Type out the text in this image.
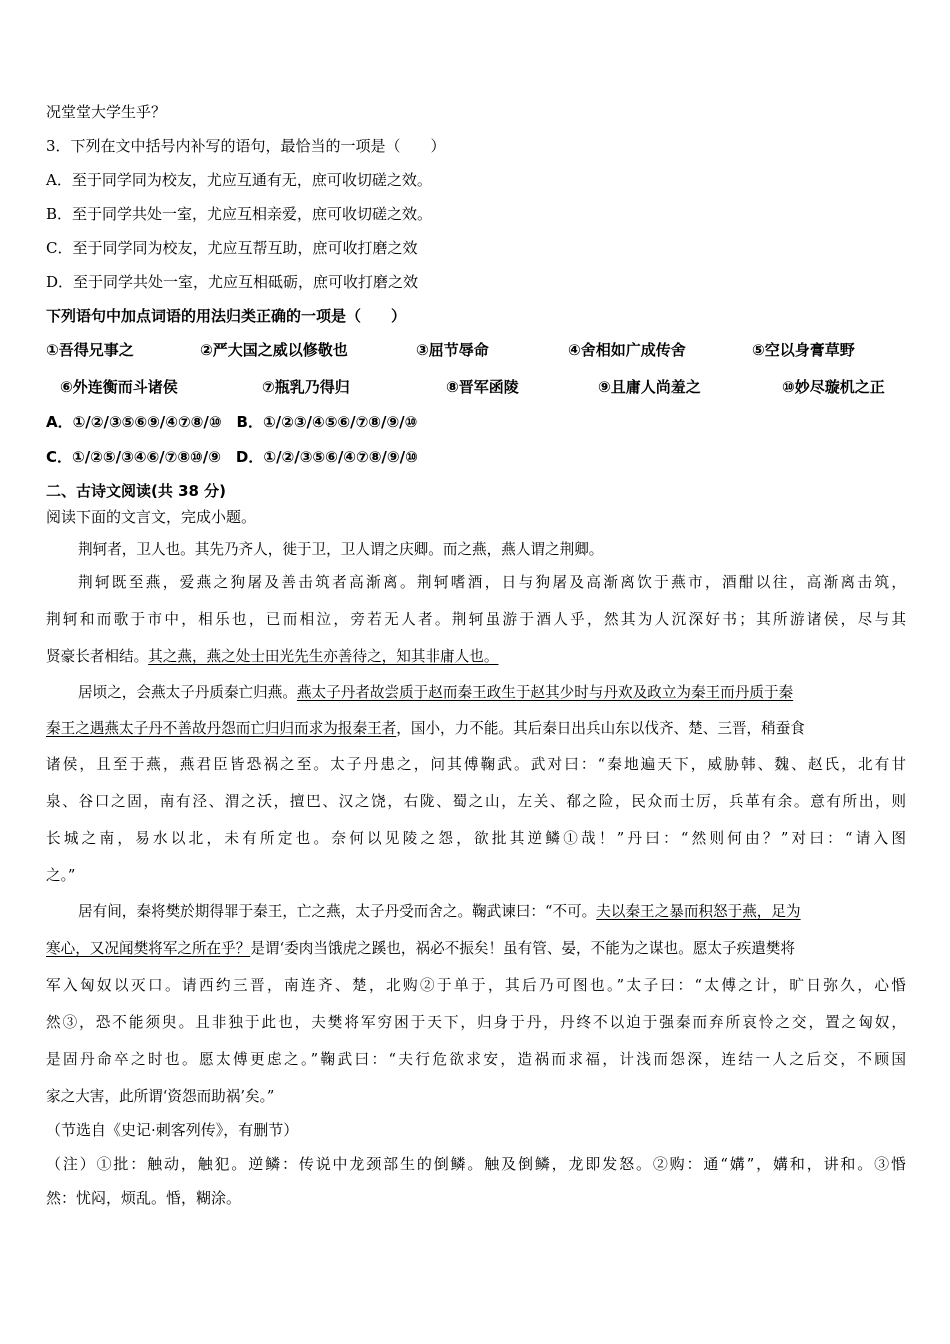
况堂堂大学生乎？
3．下列在文中括号内补写的语句，最恰当的一项是（　　）
A．至于同学同为校友，尤应互通有无，庶可收切磋之效。
B．至于同学共处一室，尤应互相亲爱，庶可收切磋之效。
C．至于同学同为校友，尤应互帮互助，庶可收打磨之效
D．至于同学共处一室，尤应互相砥砺，庶可收打磨之效
下列语句中加点词语的用法归类正确的一项是（　　）
①吾得兄事之	②严大国之威以修敬也	③屈节辱命	④舍相如广成传舍	⑤空以身膏草野
⑥外连衡而斗诸侯	⑦瓶乳乃得归	⑧晋军函陵	⑨且庸人尚羞之	⑩妙尽璇机之正
A．①/②/③⑤⑥⑨/④⑦⑧/⑩　B．①/②③/④⑤⑥/⑦⑧/⑨/⑩
C．①/②⑤/③④⑥/⑦⑧⑩/⑨　D．①/②/③⑤⑥/④⑦⑧/⑨/⑩
二、古诗文阅读(共 38 分)
阅读下面的文言文，完成小题。
荆轲者，卫人也。其先乃齐人，徙于卫，卫人谓之庆卿。而之燕，燕人谓之荆卿。
荆轲既至燕，爱燕之狗屠及善击筑者高渐离。荆轲嗜酒，日与狗屠及高渐离饮于燕市，酒酣以往，高渐离击筑，
荆轲和而歌于市中，相乐也，已而相泣，旁若无人者。荆轲虽游于酒人乎，然其为人沉深好书；其所游诸侯，尽与其
贤豪长者相结。其之燕，燕之处士田光先生亦善待之，知其非庸人也。
居顷之，会燕太子丹质秦亡归燕。燕太子丹者故尝质于赵而秦王政生于赵其少时与丹欢及政立为秦王而丹质于秦
秦王之遇燕太子丹不善故丹怨而亡归归而求为报秦王者，国小，力不能。其后秦日出兵山东以伐齐、楚、三晋，稍蚕食
诸侯，且至于燕，燕君臣皆恐祸之至。太子丹患之，问其傅鞠武。武对曰：“秦地遍天下，威胁韩、魏、赵氏，北有甘
泉、谷口之固，南有泾、渭之沃，擅巴、汉之饶，右陇、蜀之山，左关、郩之险，民众而士厉，兵革有余。意有所出，则
长城之南，易水以北，未有所定也。奈何以见陵之怨，欲批其逆鳞①哉！”丹曰：“然则何由？”对曰：“请入图
之。”
居有间，秦将樊於期得罪于秦王，亡之燕，太子丹受而舍之。鞠武谏曰：“不可。夫以秦王之暴而积怒于燕，足为
寒心，又况闻樊将军之所在乎？是谓‘委肉当饿虎之蹊也，祸必不振矣！虽有管、晏，不能为之谋也。愿太子疾遣樊将
军入匈奴以灭口。请西约三晋，南连齐、楚，北购②于单于，其后乃可图也。”太子曰：“太傅之计，旷日弥久，心惛
然③，恐不能须臾。且非独于此也，夫樊将军穷困于天下，归身于丹，丹终不以迫于强秦而弃所哀怜之交，置之匈奴，
是固丹命卒之时也。愿太傅更虑之。”鞠武曰：“夫行危欲求安，造祸而求福，计浅而怨深，连结一人之后交，不顾国
家之大害，此所谓‘资怨而助祸’矣。”
（节选自《史记·刺客列传》，有删节）
（注）①批：触动，触犯。逆鳞：传说中龙颈部生的倒鳞。触及倒鳞，龙即发怒。②购：通“媾”，媾和，讲和。③惛
然：忧闷，烦乱。惛，糊涂。
